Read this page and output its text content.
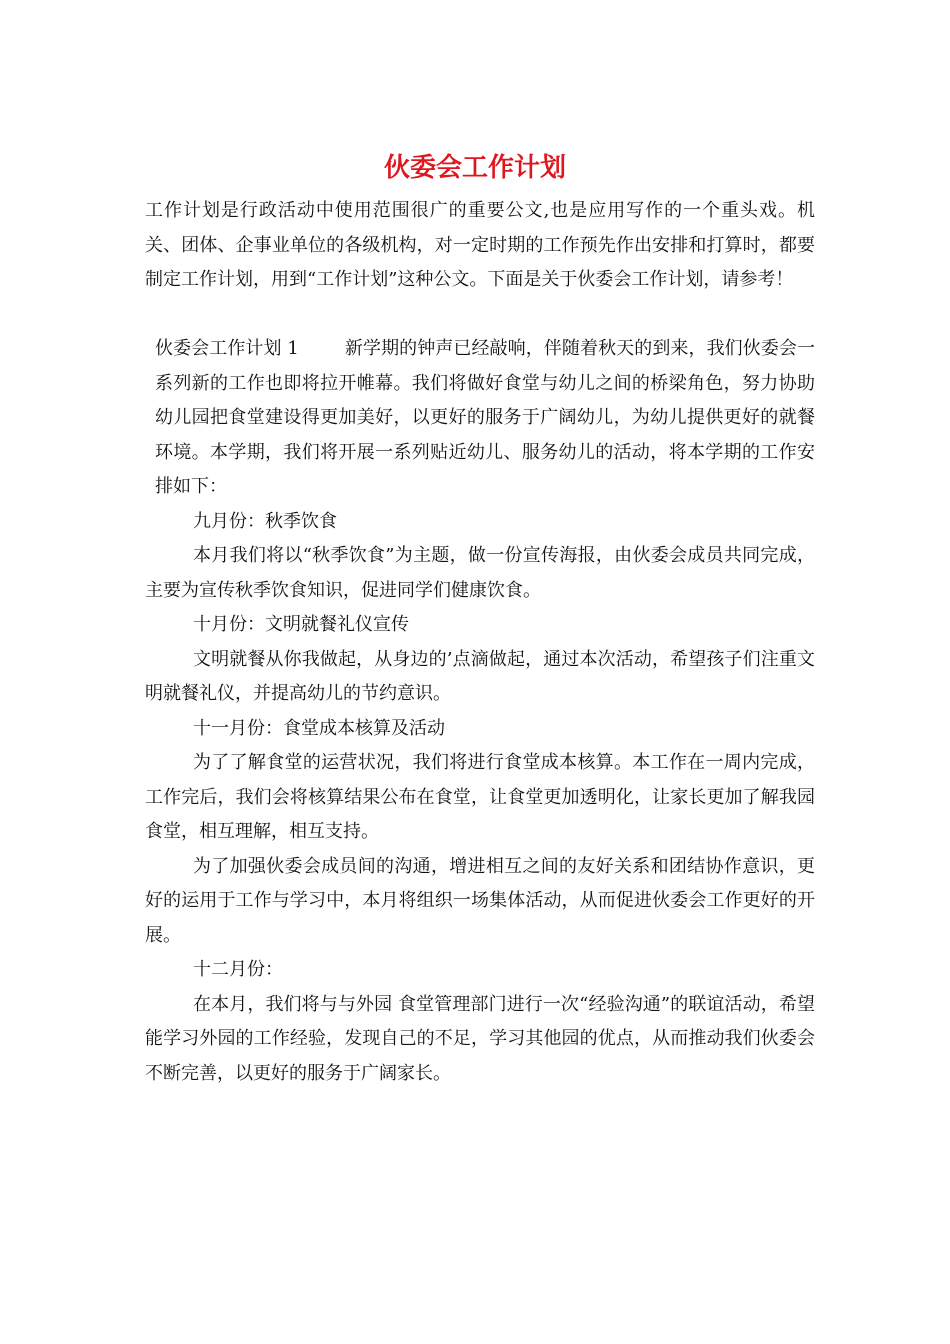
伙委会工作计划

工作计划是行政活动中使用范围很广的重要公文,也是应用写作的一个重头戏。机关、团体、企事业单位的各级机构，对一定时期的工作预先作出安排和打算时，都要制定工作计划，用到“工作计划”这种公文。下面是关于伙委会工作计划，请参考！

伙委会工作计划 1	新学期的钟声已经敲响，伴随着秋天的到来，我们伙委会一系列新的工作也即将拉开帷幕。我们将做好食堂与幼儿之间的桥梁角色，努力协助幼儿园把食堂建设得更加美好，以更好的服务于广阔幼儿，为幼儿提供更好的就餐环境。本学期，我们将开展一系列贴近幼儿、服务幼儿的活动，将本学期的工作安排如下：

九月份：秋季饮食

本月我们将以“秋季饮食”为主题，做一份宣传海报，由伙委会成员共同完成，主要为宣传秋季饮食知识，促进同学们健康饮食。

十月份：文明就餐礼仪宣传

文明就餐从你我做起，从身边的’点滴做起，通过本次活动，希望孩子们注重文明就餐礼仪，并提高幼儿的节约意识。

十一月份：食堂成本核算及活动

为了了解食堂的运营状况，我们将进行食堂成本核算。本工作在一周内完成，工作完后，我们会将核算结果公布在食堂，让食堂更加透明化，让家长更加了解我园食堂，相互理解，相互支持。

为了加强伙委会成员间的沟通，增进相互之间的友好关系和团结协作意识，更好的运用于工作与学习中，本月将组织一场集体活动，从而促进伙委会工作更好的开展。

十二月份：

在本月，我们将与与外园 食堂管理部门进行一次“经验沟通”的联谊活动，希望能学习外园的工作经验，发现自己的不足，学习其他园的优点，从而推动我们伙委会不断完善，以更好的服务于广阔家长。
